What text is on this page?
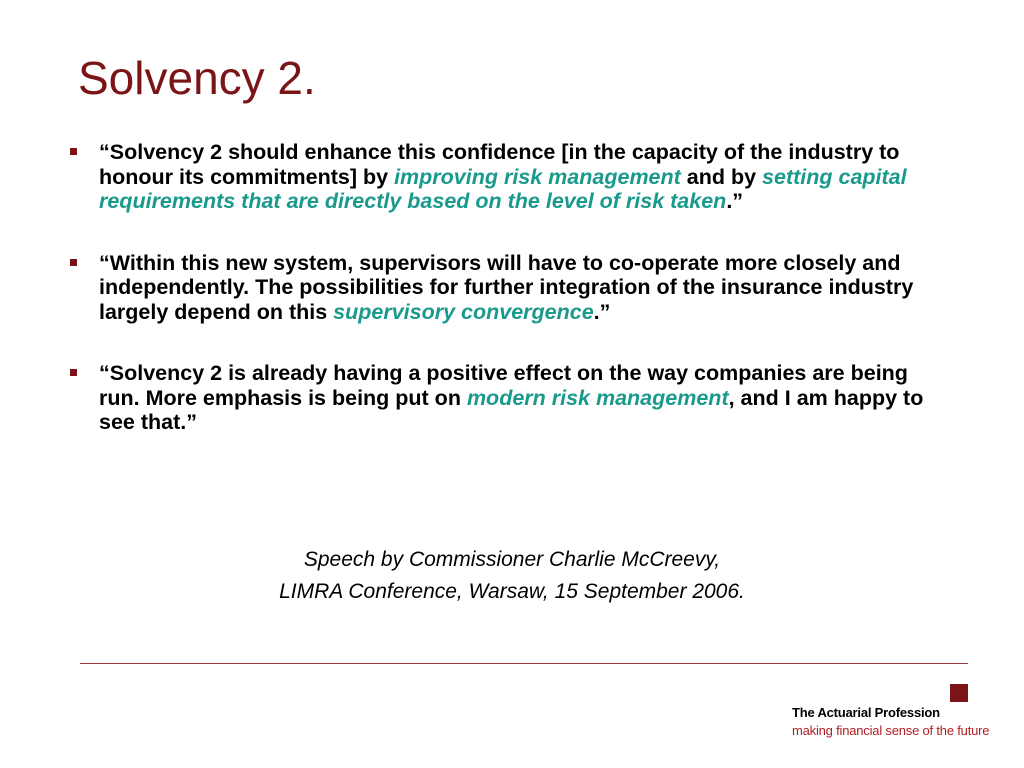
Solvency 2.
“Solvency 2 should enhance this confidence [in the capacity of the industry to honour its commitments] by improving risk management and by setting capital requirements that are directly based on the level of risk taken.”
“Within this new system, supervisors will have to co-operate more closely and independently. The possibilities for further integration of the insurance industry largely depend on this supervisory convergence.”
“Solvency 2 is already having a positive effect on the way companies are being run. More emphasis is being put on modern risk management, and I am happy to see that.”
Speech by Commissioner Charlie McCreevy,
LIMRA Conference, Warsaw, 15 September 2006.
The Actuarial Profession
making financial sense of the future
